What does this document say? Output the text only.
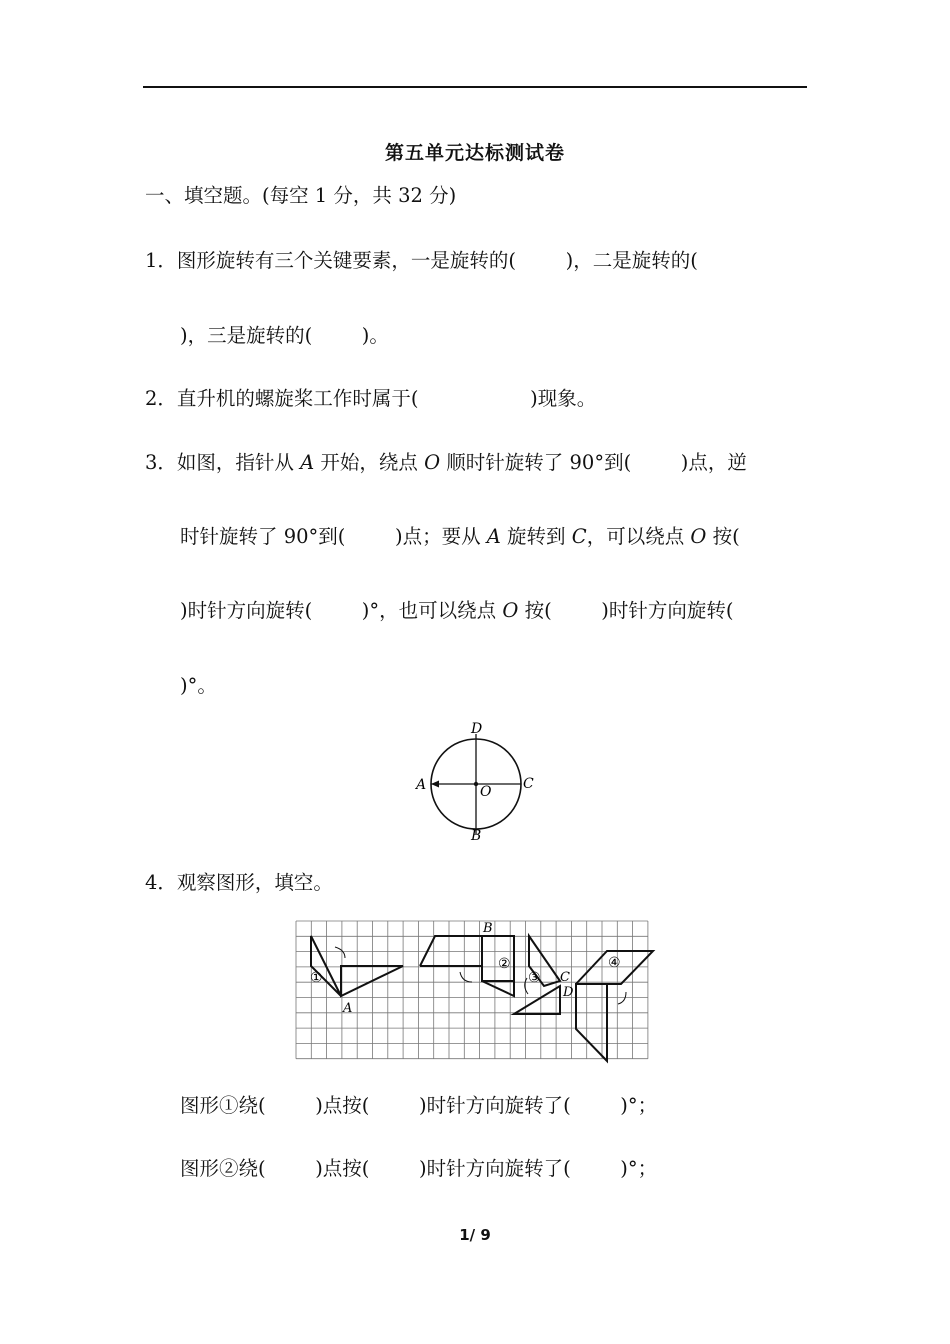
第五单元达标测试卷
一、填空题。(每空 1 分，共 32 分)
1．图形旋转有三个关键要素，一是旋转的(        )，二是旋转的(
)，三是旋转的(        )。
2．直升机的螺旋桨工作时属于(                  )现象。
3．如图，指针从 A 开始，绕点 O 顺时针旋转了 90°到(        )点，逆
时针旋转了 90°到(        )点；要从 A 旋转到 C，可以绕点 O 按(
)时针方向旋转(        )°，也可以绕点 O 按(        )时针方向旋转(
)°。
D
A	O C
B
4．观察图形，填空。
①
②
③
④
A
B
C
D
图形①绕(        )点按(        )时针方向旋转了(        )°；
图形②绕(        )点按(        )时针方向旋转了(        )°；
1/ 9
